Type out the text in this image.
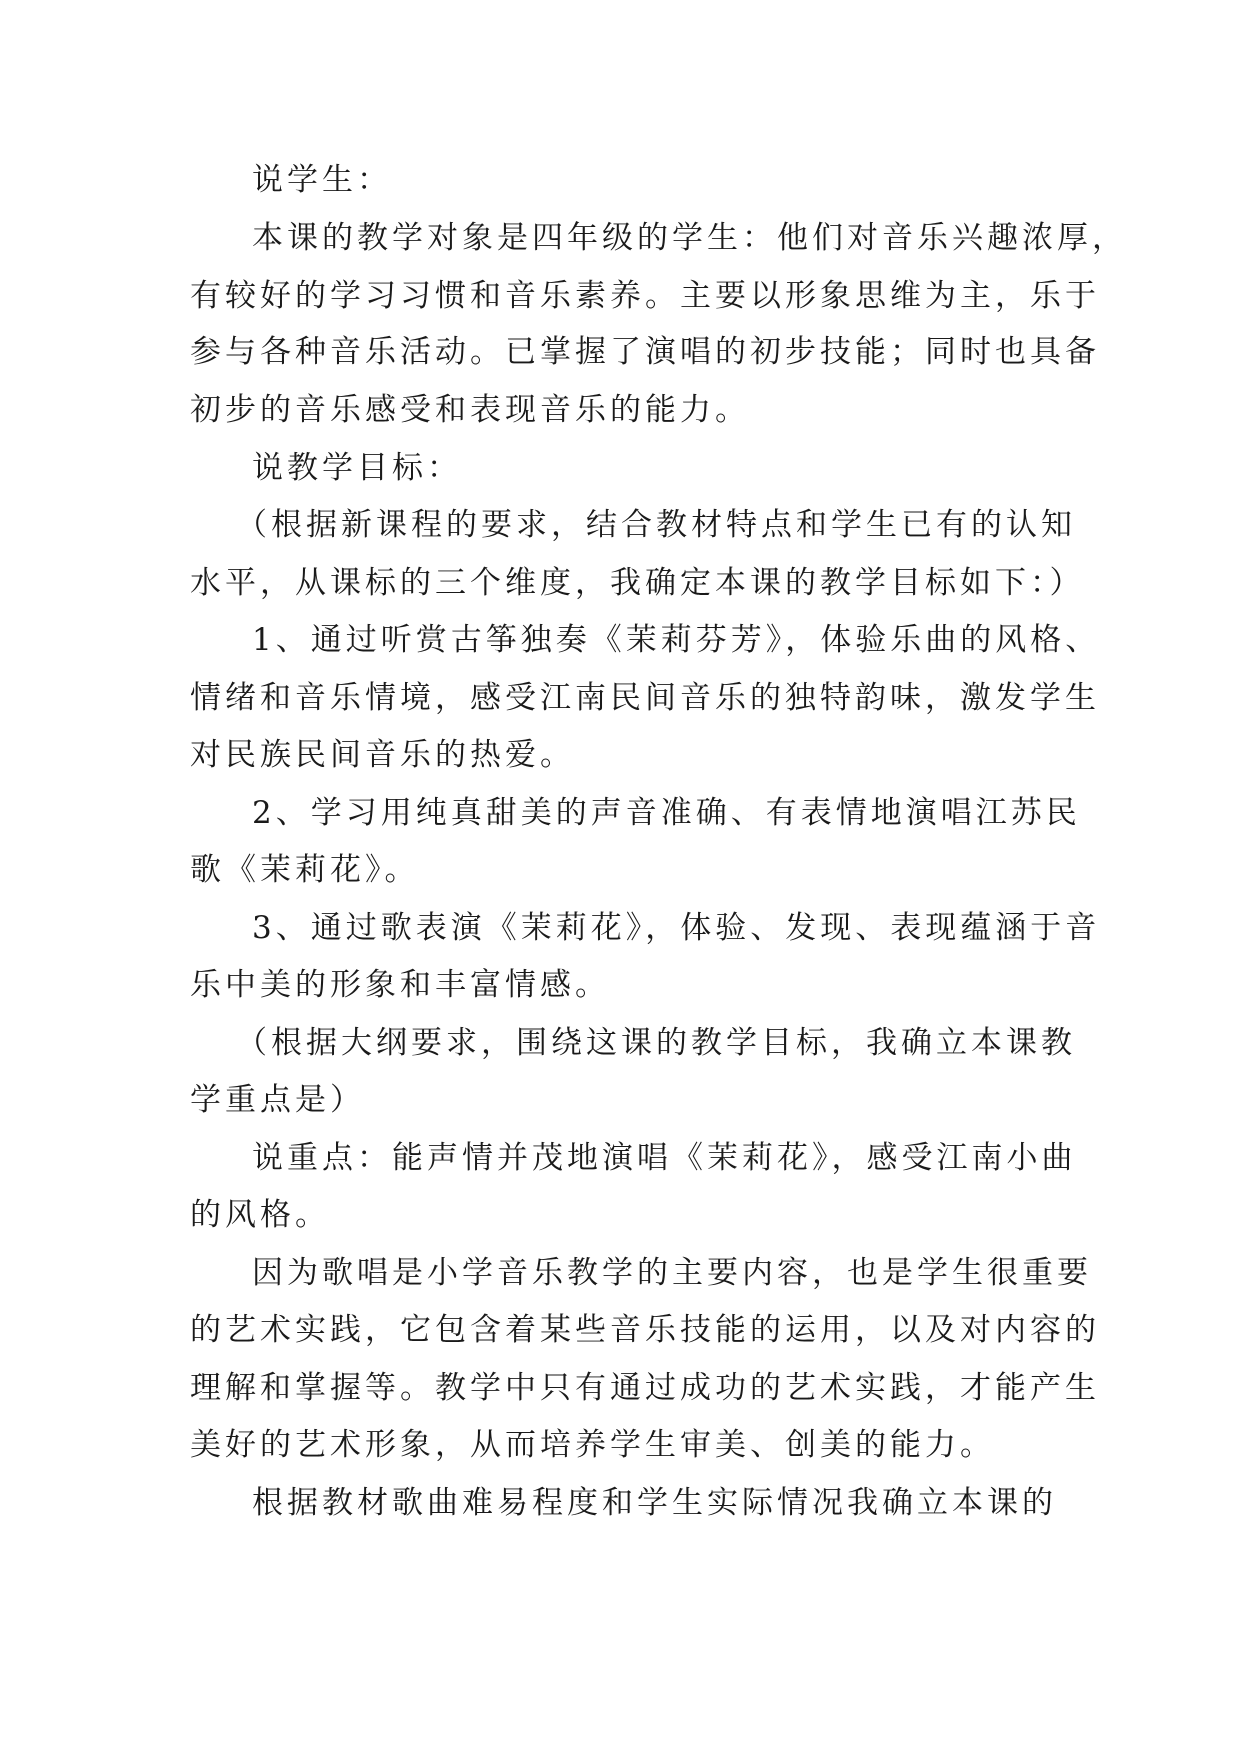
说学生：
本课的教学对象是四年级的学生：他们对音乐兴趣浓厚，
有较好的学习习惯和音乐素养。主要以形象思维为主，乐于
参与各种音乐活动。已掌握了演唱的初步技能；同时也具备
初步的音乐感受和表现音乐的能力。
说教学目标：
（根据新课程的要求，结合教材特点和学生已有的认知
水平，从课标的三个维度，我确定本课的教学目标如下：）
1、通过听赏古筝独奏《茉莉芬芳》，体验乐曲的风格、
情绪和音乐情境，感受江南民间音乐的独特韵味，激发学生
对民族民间音乐的热爱。
2、学习用纯真甜美的声音准确、有表情地演唱江苏民
歌《茉莉花》。
3、通过歌表演《茉莉花》，体验、发现、表现蕴涵于音
乐中美的形象和丰富情感。
（根据大纲要求，围绕这课的教学目标，我确立本课教
学重点是）
说重点：能声情并茂地演唱《茉莉花》，感受江南小曲
的风格。
因为歌唱是小学音乐教学的主要内容，也是学生很重要
的艺术实践，它包含着某些音乐技能的运用，以及对内容的
理解和掌握等。教学中只有通过成功的艺术实践，才能产生
美好的艺术形象，从而培养学生审美、创美的能力。
根据教材歌曲难易程度和学生实际情况我确立本课的
